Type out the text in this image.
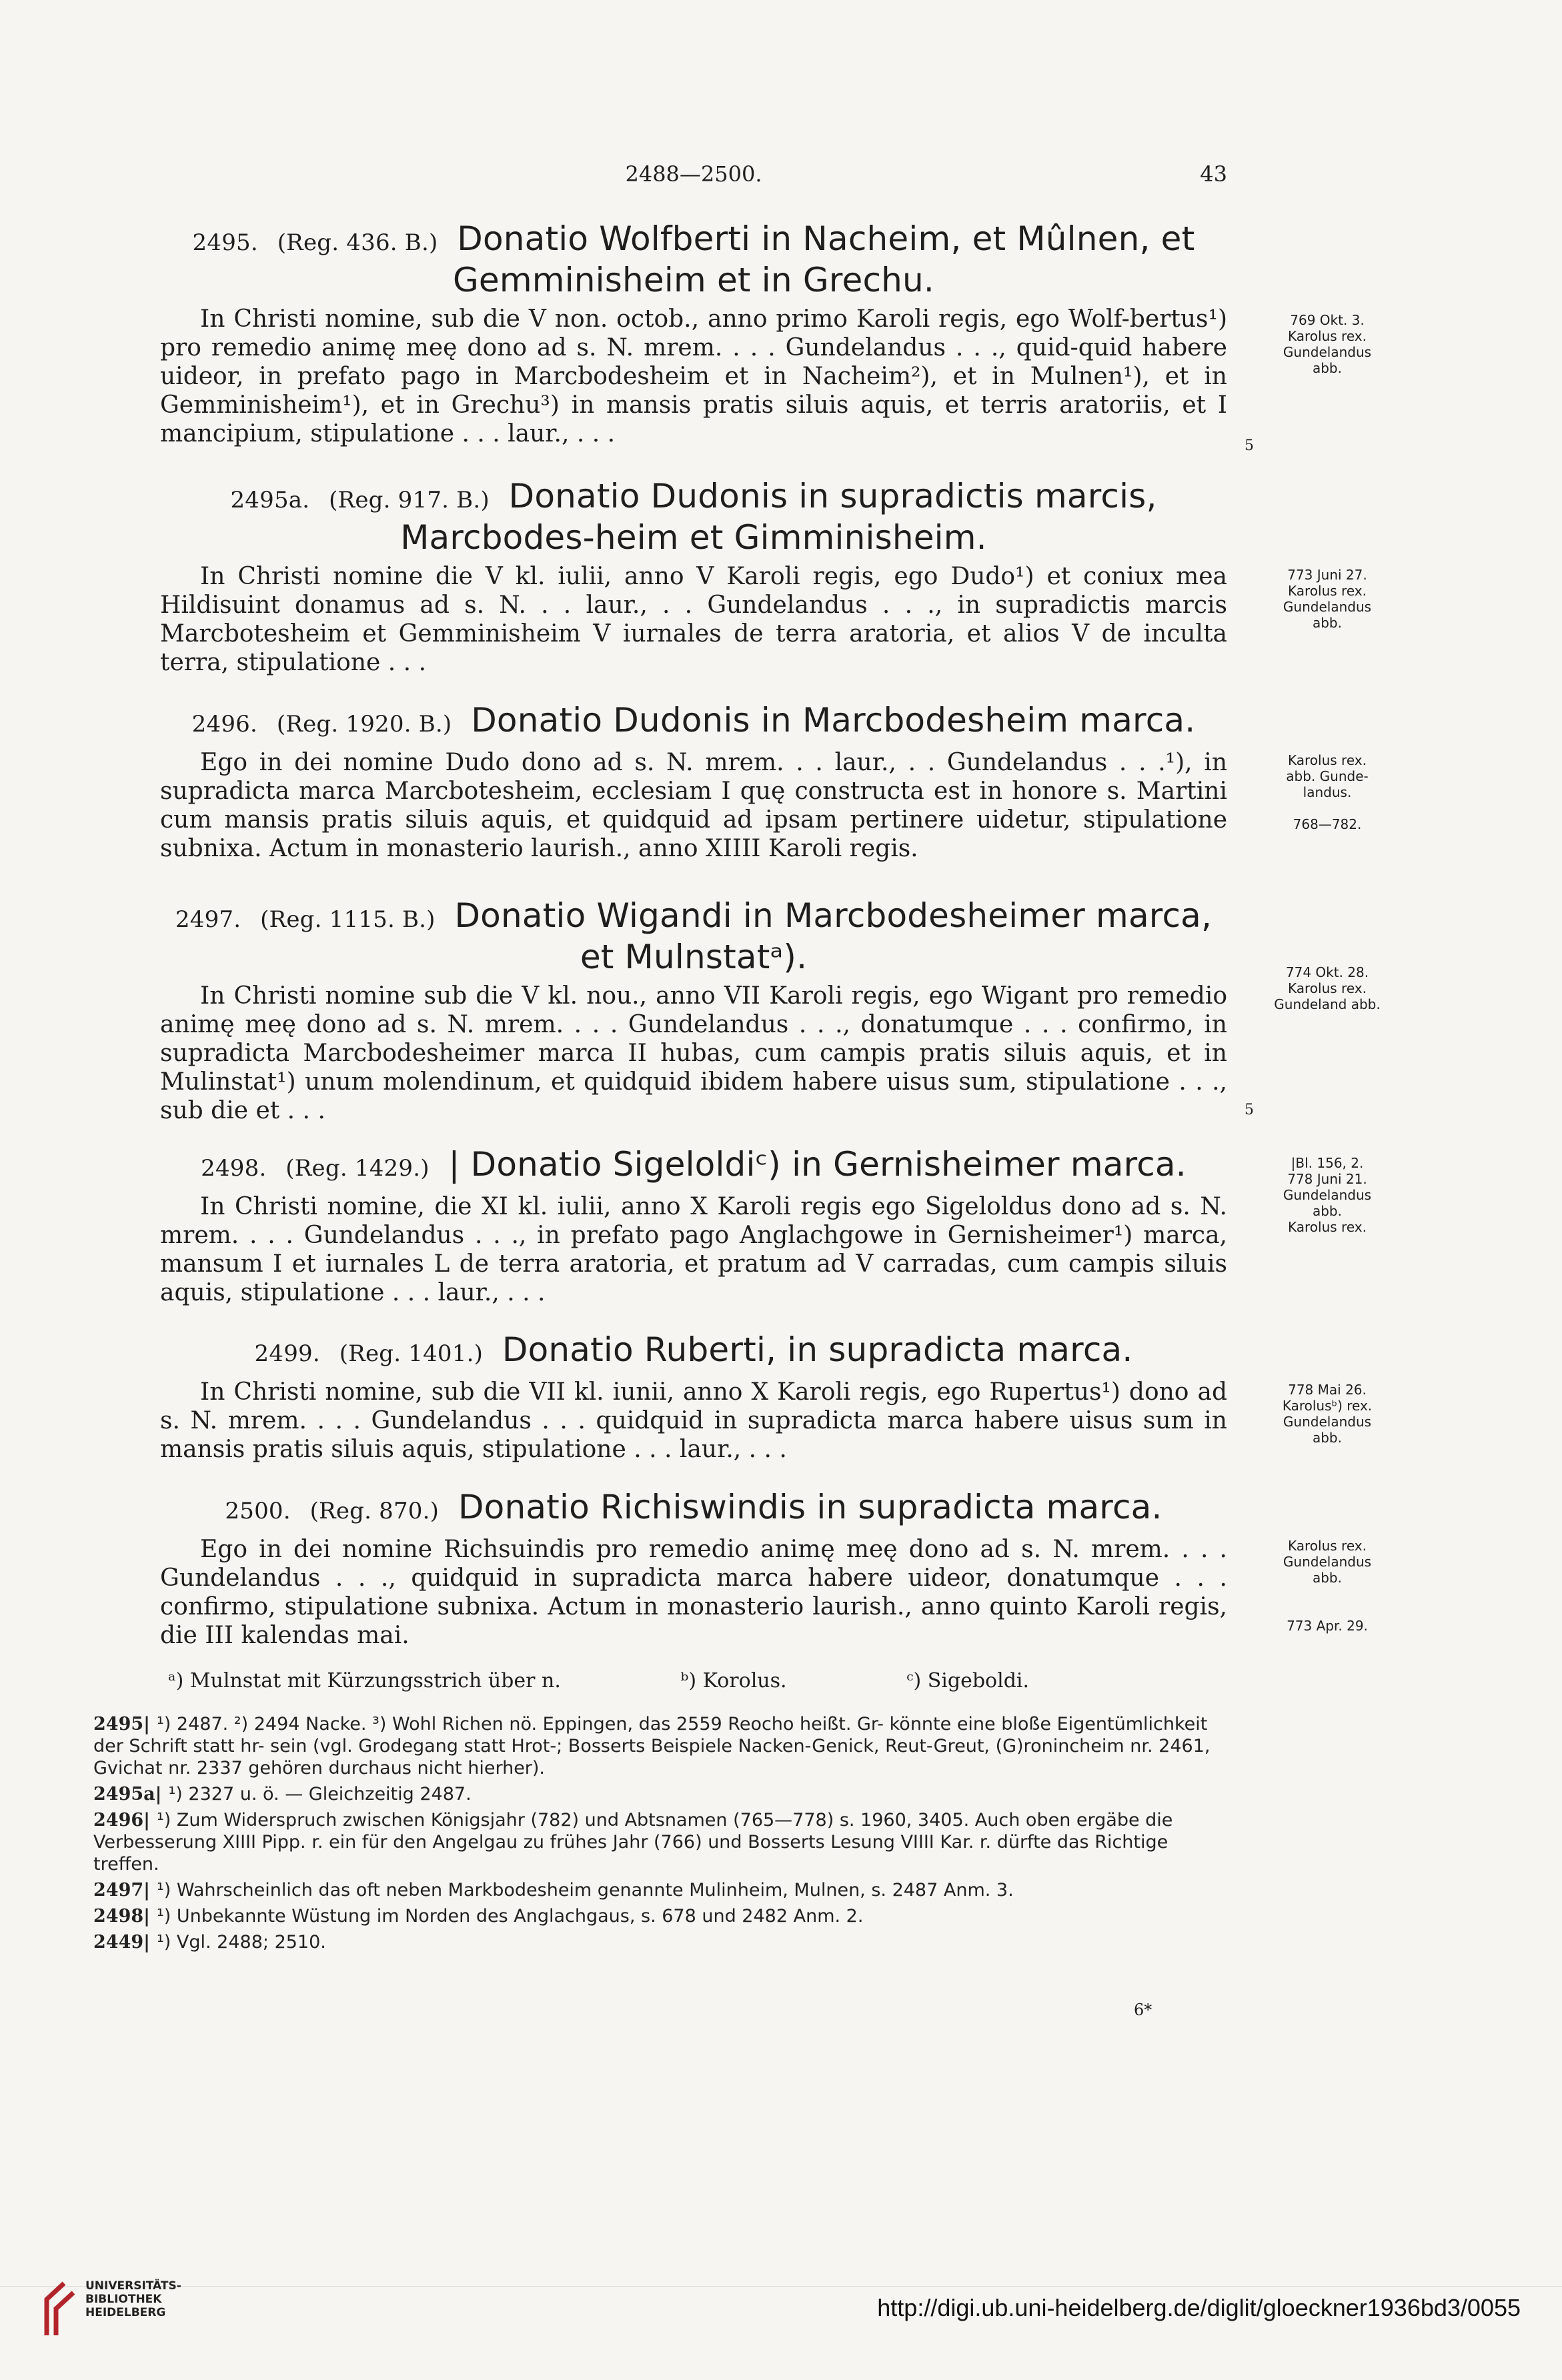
2488—2500.	43
2495. (Reg. 436. B.) Donatio Wolfberti in Nacheim, et Mûlnen, et Gemminisheim et in Grechu.

In Christi nomine, sub die V non. octob., anno primo Karoli regis, ego Wolf-bertus¹) pro remedio animę meę dono ad s. N. mrem. . . . Gundelandus . . ., quid-quid habere uideor, in prefato pago in Marcbodesheim et in Nacheim²), et in Mulnen¹), et in Gemminisheim¹), et in Grechu³) in mansis pratis siluis aquis, et terris aratoriis, et I mancipium, stipulatione . . . laur., . . .

769 Okt. 3.
Karolus rex.
Gundelandus
abb.
5
2495a. (Reg. 917. B.) Donatio Dudonis in supradictis marcis, Marcbodes-heim et Gimminisheim.

In Christi nomine die V kl. iulii, anno V Karoli regis, ego Dudo¹) et coniux mea Hildisuint donamus ad s. N. . . laur., . . Gundelandus . . ., in supradictis marcis Marcbotesheim et Gemminisheim V iurnales de terra aratoria, et alios V de inculta terra, stipulatione . . .

773 Juni 27.
Karolus rex.
Gundelandus
abb.
2496. (Reg. 1920. B.) Donatio Dudonis in Marcbodesheim marca.

Ego in dei nomine Dudo dono ad s. N. mrem. . . laur., . . Gundelandus . . .¹), in supradicta marca Marcbotesheim, ecclesiam I quę constructa est in honore s. Martini cum mansis pratis siluis aquis, et quidquid ad ipsam pertinere uidetur, stipulatione subnixa. Actum in monasterio laurish., anno XIIII Karoli regis.

Karolus rex.
abb. Gunde-
landus.

768—782.
2497. (Reg. 1115. B.) Donatio Wigandi in Marcbodesheimer marca, et Mulnstatᵃ).

In Christi nomine sub die V kl. nou., anno VII Karoli regis, ego Wigant pro remedio animę meę dono ad s. N. mrem. . . . Gundelandus . . ., donatumque . . . confirmo, in supradicta Marcbodesheimer marca II hubas, cum campis pratis siluis aquis, et in Mulinstat¹) unum molendinum, et quidquid ibidem habere uisus sum, stipulatione . . ., sub die et . . .

774 Okt. 28.
Karolus rex.
Gundeland abb.
5
2498. (Reg. 1429.) | Donatio Sigeloldiᶜ) in Gernisheimer marca.

In Christi nomine, die XI kl. iulii, anno X Karoli regis ego Sigeloldus dono ad s. N. mrem. . . . Gundelandus . . ., in prefato pago Anglachgowe in Gernisheimer¹) marca, mansum I et iurnales L de terra aratoria, et pratum ad V carradas, cum campis siluis aquis, stipulatione . . . laur., . . .

|Bl. 156, 2.
778 Juni 21.
Gundelandus
abb.
Karolus rex.
2499. (Reg. 1401.) Donatio Ruberti, in supradicta marca.

In Christi nomine, sub die VII kl. iunii, anno X Karoli regis, ego Rupertus¹) dono ad s. N. mrem. . . . Gundelandus . . . quidquid in supradicta marca habere uisus sum in mansis pratis siluis aquis, stipulatione . . . laur., . . .

778 Mai 26.
Karolusᵇ) rex.
Gundelandus
abb.
2500. (Reg. 870.) Donatio Richiswindis in supradicta marca.

Ego in dei nomine Richsuindis pro remedio animę meę dono ad s. N. mrem. . . . Gundelandus . . ., quidquid in supradicta marca habere uideor, donatumque . . . confirmo, stipulatione subnixa. Actum in monasterio laurish., anno quinto Karoli regis, die III kalendas mai.

Karolus rex.
Gundelandus
abb.

773 Apr. 29.
ᵃ) Mulnstat mit Kürzungsstrich über n.	ᵇ) Korolus.	ᶜ) Sigeboldi.
2495| ¹) 2487. ²) 2494 Nacke. ³) Wohl Richen nö. Eppingen, das 2559 Reocho heißt. Gr- könnte eine bloße Eigentümlichkeit der Schrift statt hr- sein (vgl. Grodegang statt Hrot-; Bosserts Beispiele Nacken-Genick, Reut-Greut, (G)ronincheim nr. 2461, Gvichat nr. 2337 gehören durchaus nicht hierher).
2495a| ¹) 2327 u. ö. — Gleichzeitig 2487.
2496| ¹) Zum Widerspruch zwischen Königsjahr (782) und Abtsnamen (765—778) s. 1960, 3405. Auch oben ergäbe die Verbesserung XIIII Pipp. r. ein für den Angelgau zu frühes Jahr (766) und Bosserts Lesung VIIII Kar. r. dürfte das Richtige treffen.
2497| ¹) Wahrscheinlich das oft neben Markbodesheim genannte Mulinheim, Mulnen, s. 2487 Anm. 3.
2498| ¹) Unbekannte Wüstung im Norden des Anglachgaus, s. 678 und 2482 Anm. 2.
2449| ¹) Vgl. 2488; 2510.
6*
UNIVERSITÄTS-
BIBLIOTHEK
HEIDELBERG	http://digi.ub.uni-heidelberg.de/diglit/gloeckner1936bd3/0055
